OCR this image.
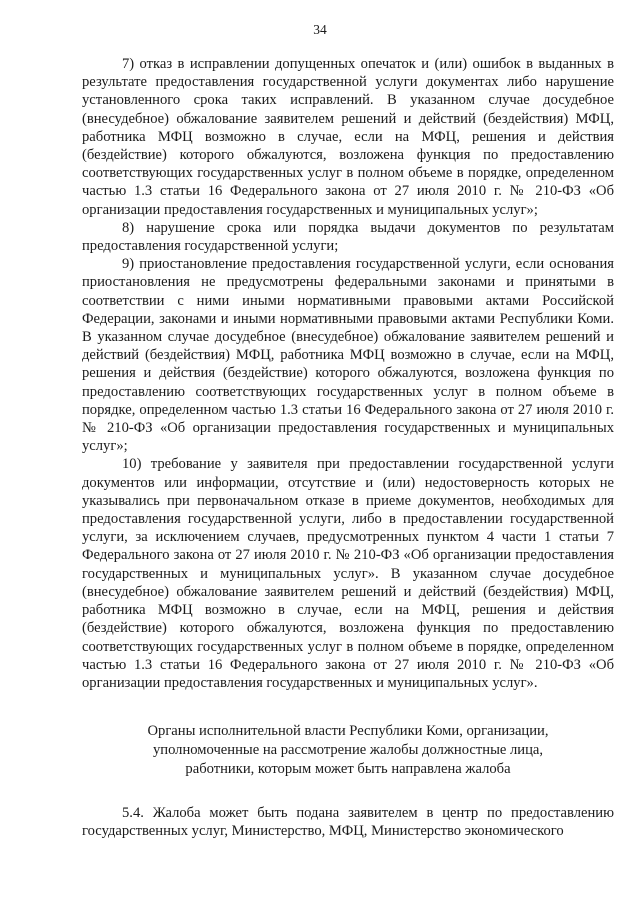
34

7) отказ в исправлении допущенных опечаток и (или) ошибок в выданных в результате предоставления государственной услуги документах либо нарушение установленного срока таких исправлений. В указанном случае досудебное (внесудебное) обжалование заявителем решений и действий (бездействия) МФЦ, работника МФЦ возможно в случае, если на МФЦ, решения и действия (бездействие) которого обжалуются, возложена функция по предоставлению соответствующих государственных услуг в полном объеме в порядке, определенном частью 1.3 статьи 16 Федерального закона от 27 июля 2010 г. № 210-ФЗ «Об организации предоставления государственных и муниципальных услуг»;

8) нарушение срока или порядка выдачи документов по результатам предоставления государственной услуги;

9) приостановление предоставления государственной услуги, если основания приостановления не предусмотрены федеральными законами и принятыми в соответствии с ними иными нормативными правовыми актами Российской Федерации, законами и иными нормативными правовыми актами Республики Коми. В указанном случае досудебное (внесудебное) обжалование заявителем решений и действий (бездействия) МФЦ, работника МФЦ возможно в случае, если на МФЦ, решения и действия (бездействие) которого обжалуются, возложена функция по предоставлению соответствующих государственных услуг в полном объеме в порядке, определенном частью 1.3 статьи 16 Федерального закона от 27 июля 2010 г. № 210-ФЗ «Об организации предоставления государственных и муниципальных услуг»;

10) требование у заявителя при предоставлении государственной услуги документов или информации, отсутствие и (или) недостоверность которых не указывались при первоначальном отказе в приеме документов, необходимых для предоставления государственной услуги, либо в предоставлении государственной услуги, за исключением случаев, предусмотренных пунктом 4 части 1 статьи 7 Федерального закона от 27 июля 2010 г. № 210-ФЗ «Об организации предоставления государственных и муниципальных услуг». В указанном случае досудебное (внесудебное) обжалование заявителем решений и действий (бездействия) МФЦ, работника МФЦ возможно в случае, если на МФЦ, решения и действия (бездействие) которого обжалуются, возложена функция по предоставлению соответствующих государственных услуг в полном объеме в порядке, определенном частью 1.3 статьи 16 Федерального закона от 27 июля 2010 г. № 210-ФЗ «Об организации предоставления государственных и муниципальных услуг».

Органы исполнительной власти Республики Коми, организации,
уполномоченные на рассмотрение жалобы должностные лица,
работники, которым может быть направлена жалоба

5.4. Жалоба может быть подана заявителем в центр по предоставлению государственных услуг, Министерство, МФЦ, Министерство экономического
